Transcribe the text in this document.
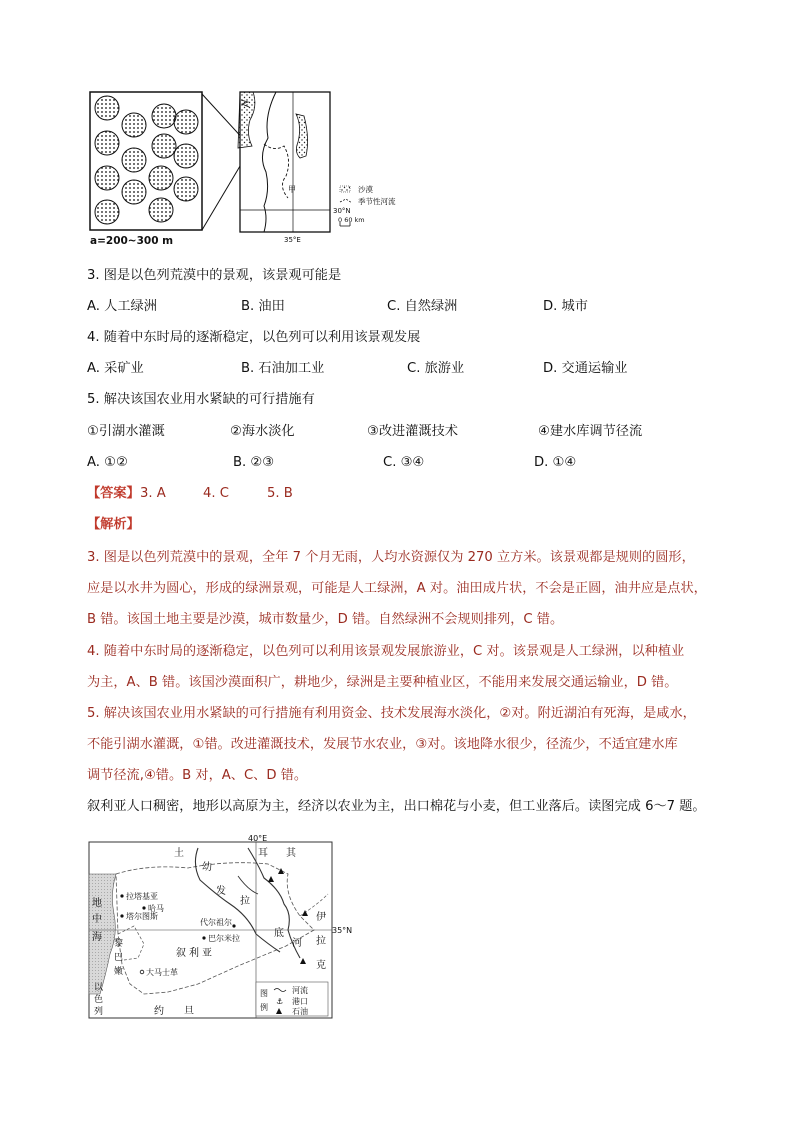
a=200~300 m
甲
30°N
35°E
沙漠
季节性河流
0 60 km
3. 图是以色列荒漠中的景观，该景观可能是
A. 人工绿洲	B. 油田	C. 自然绿洲	D. 城市
4. 随着中东时局的逐渐稳定，以色列可以利用该景观发展
A. 采矿业	B. 石油加工业	C. 旅游业	D. 交通运输业
5. 解决该国农业用水紧缺的可行措施有
①引湖水灌溉	②海水淡化	③改进灌溉技术	④建水库调节径流
A. ①②	B. ②③	C. ③④	D. ①④
【答案】 3. A	4. C	5. B
【解析】
3. 图是以色列荒漠中的景观，全年 7 个月无雨，人均水资源仅为 270 立方米。该景观都是规则的圆形，
应是以水井为圆心，形成的绿洲景观，可能是人工绿洲，A 对。油田成片状，不会是正圆，油井应是点状，
B 错。该国土地主要是沙漠，城市数量少，D 错。自然绿洲不会规则排列，C 错。
4. 随着中东时局的逐渐稳定，以色列可以利用该景观发展旅游业，C 对。该景观是人工绿洲，以种植业
为主，A、B 错。该国沙漠面积广，耕地少，绿洲是主要种植业区，不能用来发展交通运输业，D 错。
5. 解决该国农业用水紧缺的可行措施有利用资金、技术发展海水淡化，②对。附近湖泊有死海，是咸水，
不能引湖水灌溉，①错。改进灌溉技术，发展节水农业，③对。该地降水很少，径流少，不适宜建水库
调节径流,④错。B 对，A、C、D 错。
叙利亚人口稠密，地形以高原为主，经济以农业为主，出口棉花与小麦，但工业落后。读图完成 6～7 题。
40°E
35°N
土	耳 其
叙 利 亚
伊
拉
克
黎
巴
嫩
以
色
列	约 旦
地
中
海
幼
发
拉
底
河
拉塔基亚
哈马
塔尔图斯
代尔祖尔
巴尔米拉
大马士革
图
例
河流
⚓ 港口
石油
